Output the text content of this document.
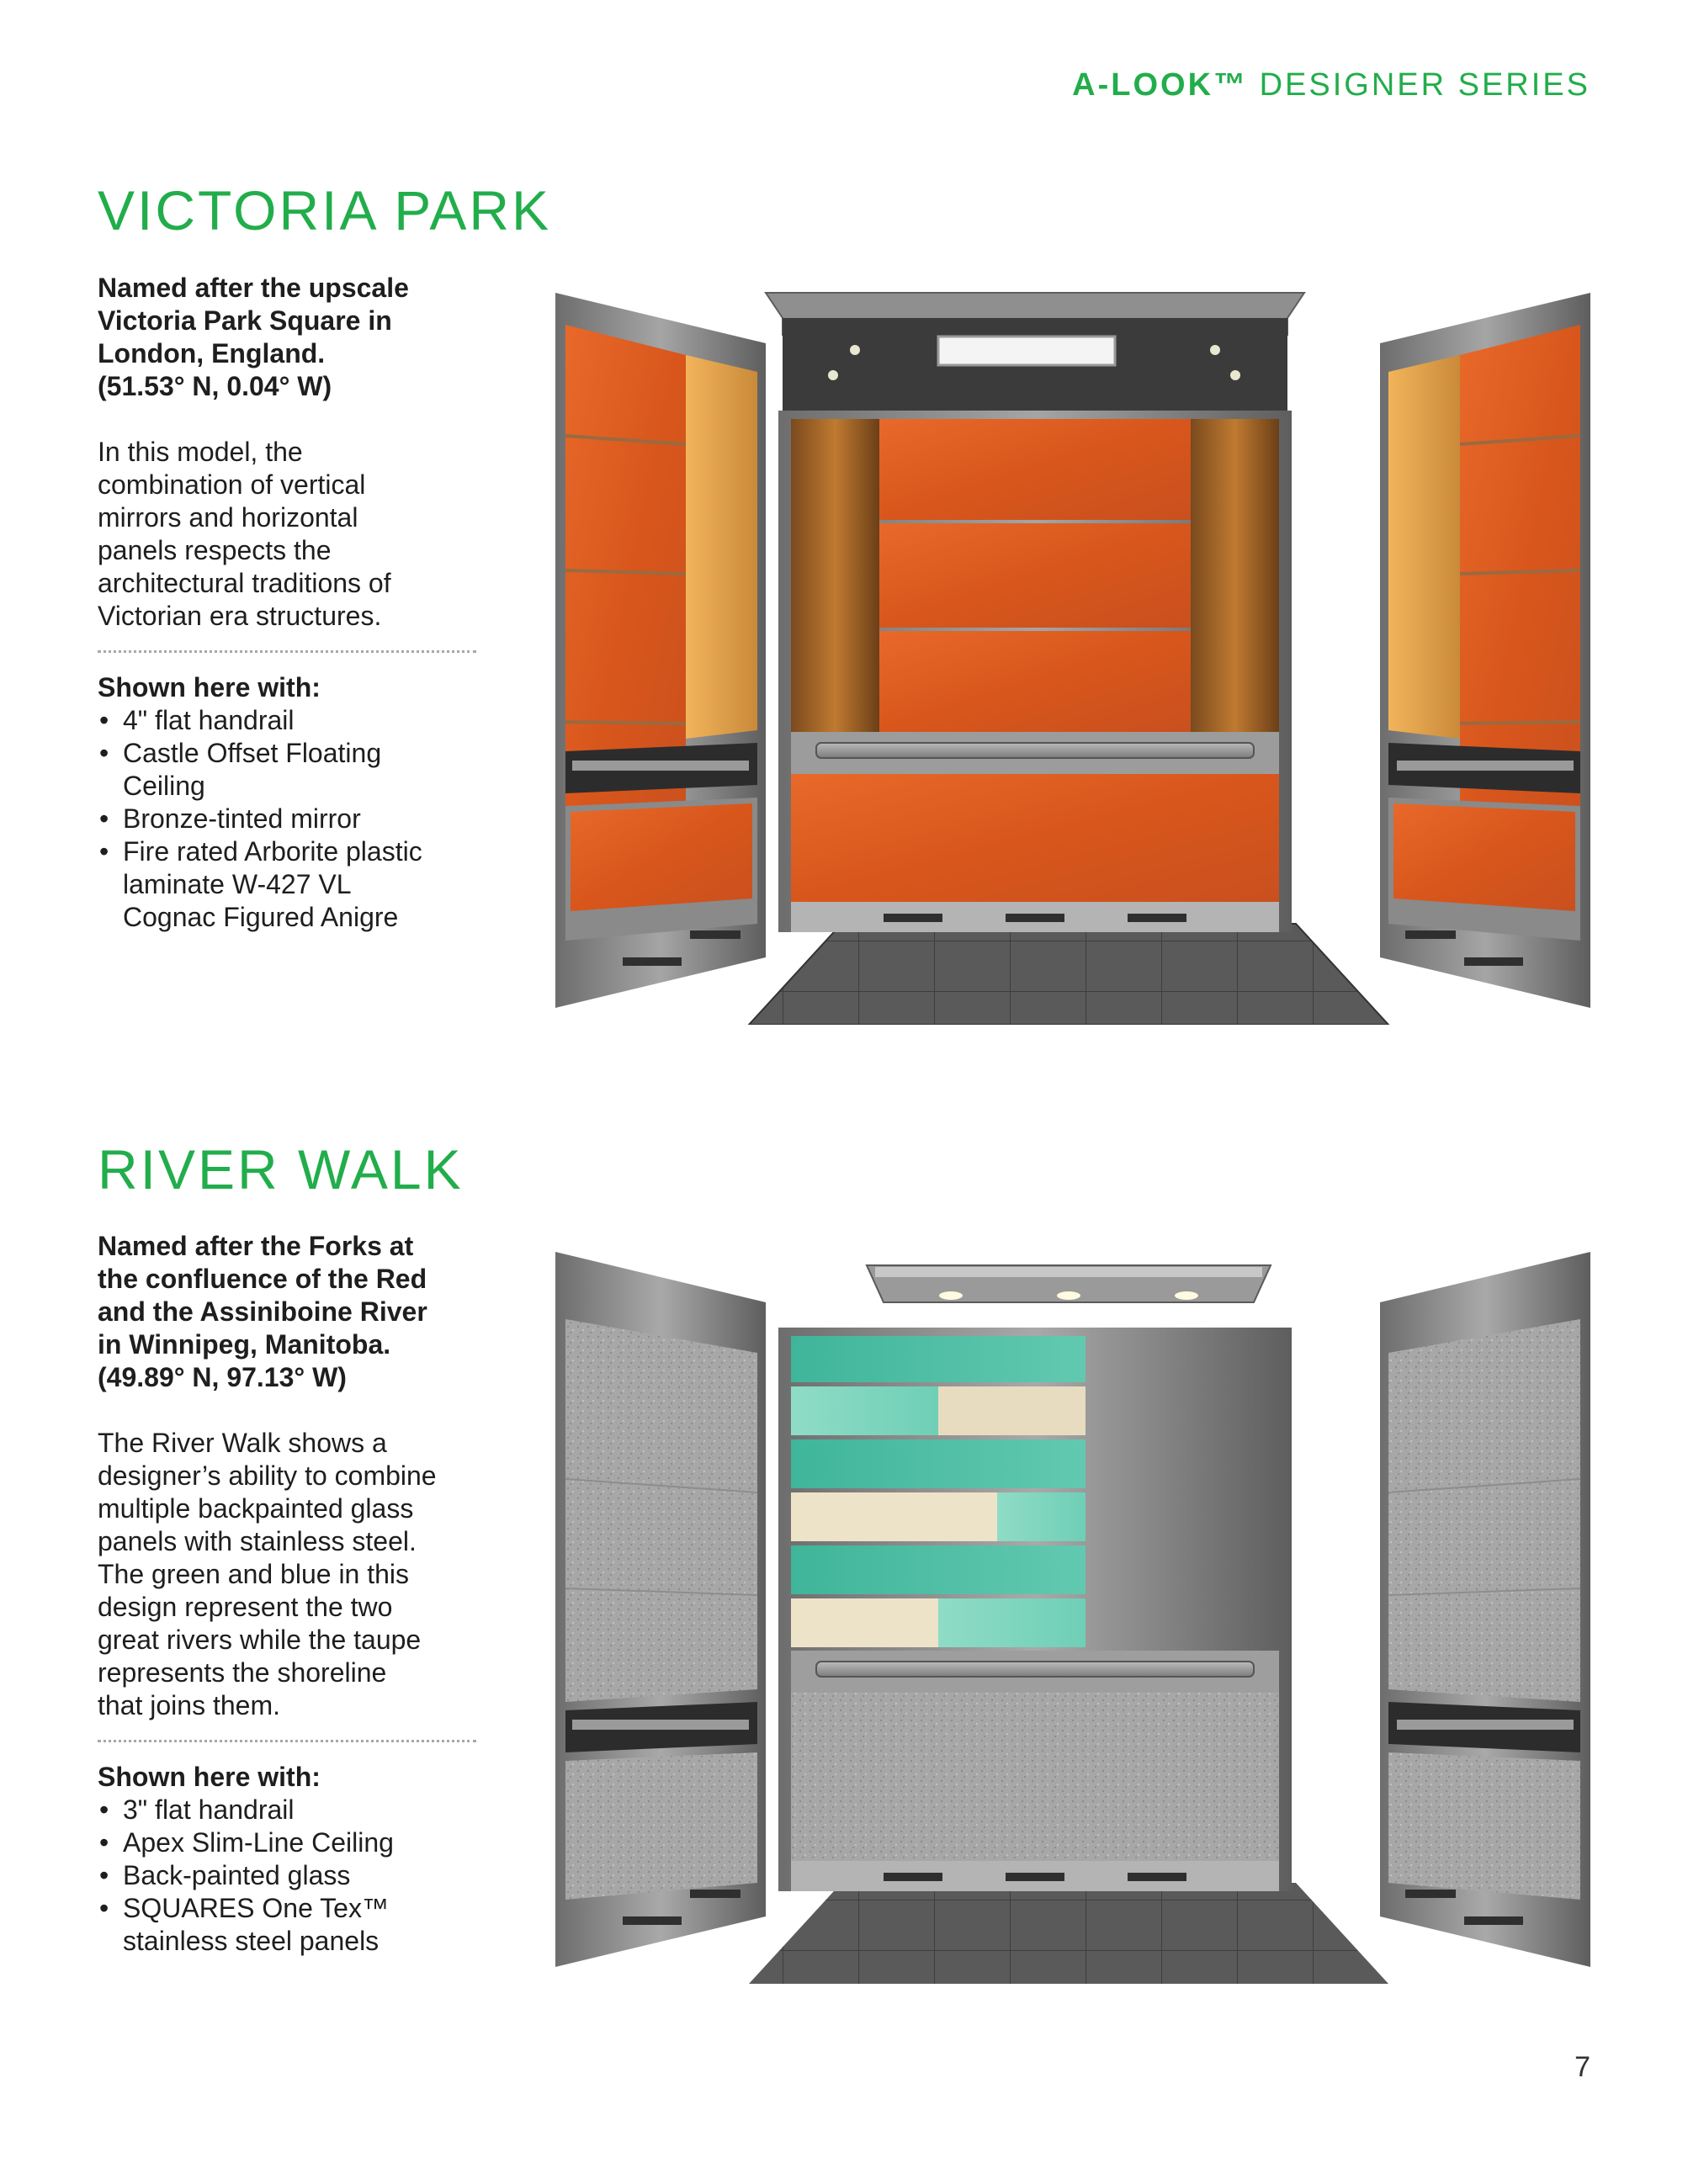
A-LOOK™ DESIGNER SERIES
VICTORIA PARK

Named after the upscale
Victoria Park Square in
London, England.
(51.53° N, 0.04° W)

In this model, the
combination of vertical
mirrors and horizontal
panels respects the
architectural traditions of
Victorian era structures.

Shown here with:

• 4" flat handrail
• Castle Offset Floating
Ceiling
• Bronze-tinted mirror
• Fire rated Arborite plastic
laminate W-427 VL
Cognac Figured Anigre
RIVER WALK

Named after the Forks at
the confluence of the Red
and the Assiniboine River
in Winnipeg, Manitoba.
(49.89° N, 97.13° W)

The River Walk shows a
designer’s ability to combine
multiple backpainted glass
panels with stainless steel.
The green and blue in this
design represent the two
great rivers while the taupe
represents the shoreline
that joins them.

Shown here with:

• 3" flat handrail
• Apex Slim-Line Ceiling
• Back-painted glass
• SQUARES One Tex™
stainless steel panels
7
